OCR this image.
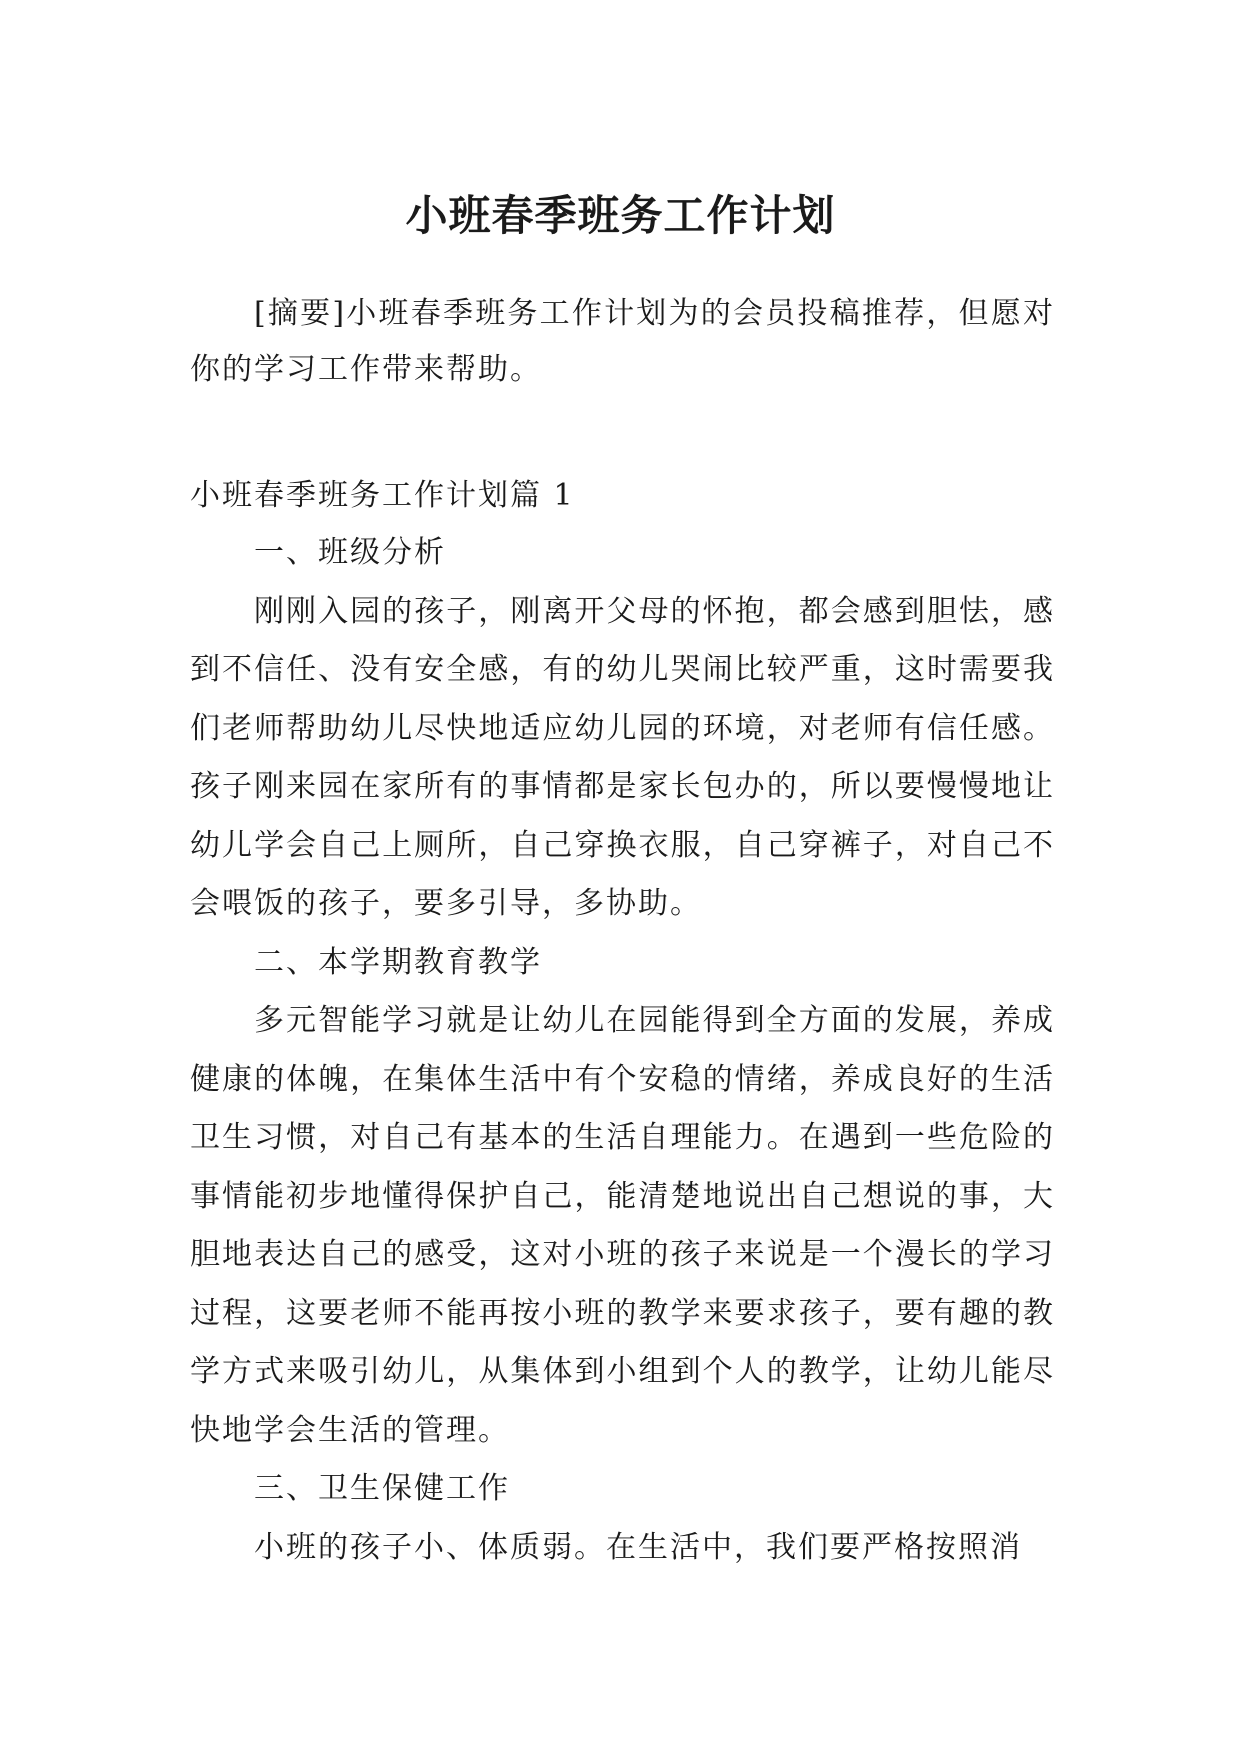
小班春季班务工作计划

[摘要]小班春季班务工作计划为的会员投稿推荐，但愿对你的学习工作带来帮助。

小班春季班务工作计划篇 1

一、班级分析

刚刚入园的孩子，刚离开父母的怀抱，都会感到胆怯，感到不信任、没有安全感，有的幼儿哭闹比较严重，这时需要我们老师帮助幼儿尽快地适应幼儿园的环境，对老师有信任感。孩子刚来园在家所有的事情都是家长包办的，所以要慢慢地让幼儿学会自己上厕所，自己穿换衣服，自己穿裤子，对自己不会喂饭的孩子，要多引导，多协助。

二、本学期教育教学

多元智能学习就是让幼儿在园能得到全方面的发展，养成健康的体魄，在集体生活中有个安稳的情绪，养成良好的生活卫生习惯，对自己有基本的生活自理能力。在遇到一些危险的事情能初步地懂得保护自己，能清楚地说出自己想说的事，大胆地表达自己的感受，这对小班的孩子来说是一个漫长的学习过程，这要老师不能再按小班的教学来要求孩子，要有趣的教学方式来吸引幼儿，从集体到小组到个人的教学，让幼儿能尽快地学会生活的管理。

三、卫生保健工作

小班的孩子小、体质弱。在生活中，我们要严格按照消
